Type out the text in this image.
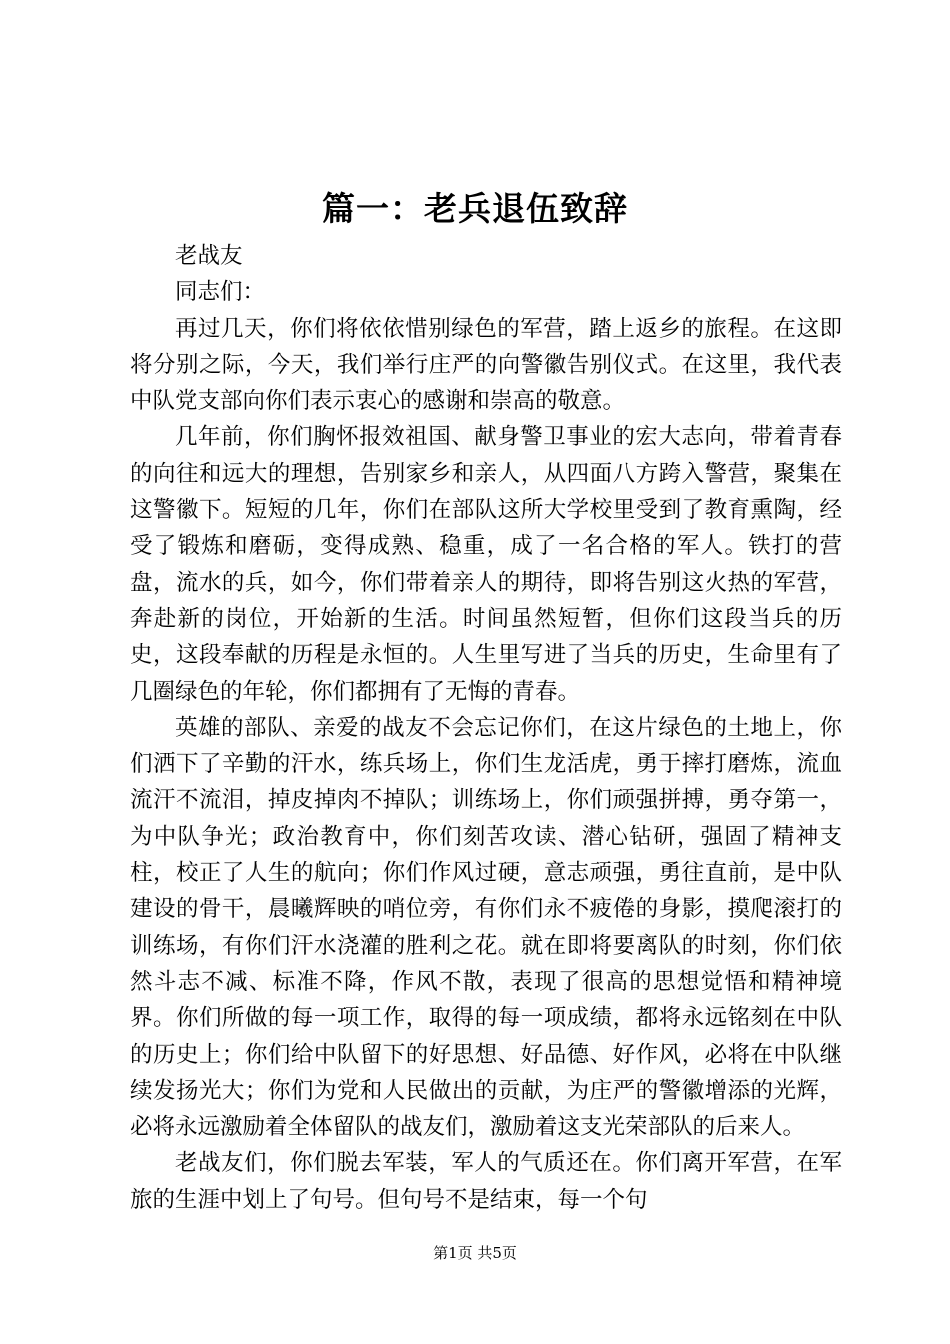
篇一：老兵退伍致辞

老战友

同志们：

再过几天，你们将依依惜别绿色的军营，踏上返乡的旅程。在这即将分别之际，今天，我们举行庄严的向警徽告别仪式。在这里，我代表中队党支部向你们表示衷心的感谢和崇高的敬意。

几年前，你们胸怀报效祖国、献身警卫事业的宏大志向，带着青春的向往和远大的理想，告别家乡和亲人，从四面八方跨入警营，聚集在这警徽下。短短的几年，你们在部队这所大学校里受到了教育熏陶，经受了锻炼和磨砺，变得成熟、稳重，成了一名合格的军人。铁打的营盘，流水的兵，如今，你们带着亲人的期待，即将告别这火热的军营，奔赴新的岗位，开始新的生活。时间虽然短暂，但你们这段当兵的历史，这段奉献的历程是永恒的。人生里写进了当兵的历史，生命里有了几圈绿色的年轮，你们都拥有了无悔的青春。

英雄的部队、亲爱的战友不会忘记你们，在这片绿色的土地上，你们洒下了辛勤的汗水，练兵场上，你们生龙活虎，勇于摔打磨炼，流血流汗不流泪，掉皮掉肉不掉队；训练场上，你们顽强拼搏，勇夺第一，为中队争光；政治教育中，你们刻苦攻读、潜心钻研，强固了精神支柱，校正了人生的航向；你们作风过硬，意志顽强，勇往直前，是中队建设的骨干，晨曦辉映的哨位旁，有你们永不疲倦的身影，摸爬滚打的训练场，有你们汗水浇灌的胜利之花。就在即将要离队的时刻，你们依然斗志不减、标准不降，作风不散，表现了很高的思想觉悟和精神境界。你们所做的每一项工作，取得的每一项成绩，都将永远铭刻在中队的历史上；你们给中队留下的好思想、好品德、好作风，必将在中队继续发扬光大；你们为党和人民做出的贡献，为庄严的警徽增添的光辉，必将永远激励着全体留队的战友们，激励着这支光荣部队的后来人。

老战友们，你们脱去军装，军人的气质还在。你们离开军营，在军旅的生涯中划上了句号。但句号不是结束，每一个句

第1页 共5页
